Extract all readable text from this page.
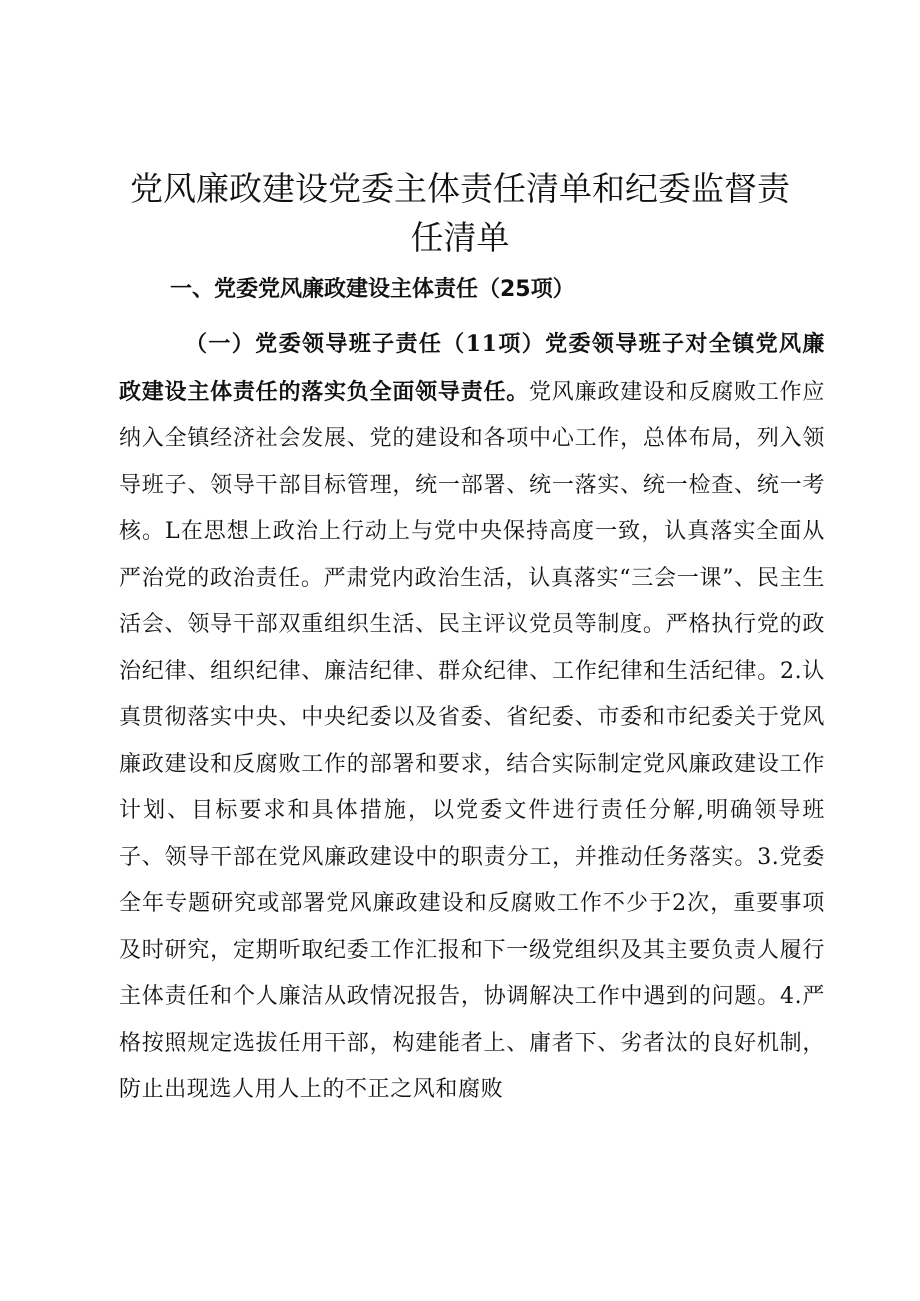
党风廉政建设党委主体责任清单和纪委监督责
任清单
一、党委党风廉政建设主体责任（25项）

（一）党委领导班子责任（11项）党委领导班子对全镇党风廉政建设主体责任的落实负全面领导责任。党风廉政建设和反腐败工作应纳入全镇经济社会发展、党的建设和各项中心工作，总体布局，列入领导班子、领导干部目标管理，统一部署、统一落实、统一检查、统一考核。L在思想上政治上行动上与党中央保持高度一致，认真落实全面从严治党的政治责任。严肃党内政治生活，认真落实“三会一课”、民主生活会、领导干部双重组织生活、民主评议党员等制度。严格执行党的政治纪律、组织纪律、廉洁纪律、群众纪律、工作纪律和生活纪律。2.认真贯彻落实中央、中央纪委以及省委、省纪委、市委和市纪委关于党风廉政建设和反腐败工作的部署和要求，结合实际制定党风廉政建设工作计划、目标要求和具体措施，以党委文件进行责任分解,明确领导班子、领导干部在党风廉政建设中的职责分工，并推动任务落实。3.党委全年专题研究或部署党风廉政建设和反腐败工作不少于2次，重要事项及时研究，定期听取纪委工作汇报和下一级党组织及其主要负责人履行主体责任和个人廉洁从政情况报告，协调解决工作中遇到的问题。4.严格按照规定选拔任用干部，构建能者上、庸者下、劣者汰的良好机制，防止出现选人用人上的不正之风和腐败
